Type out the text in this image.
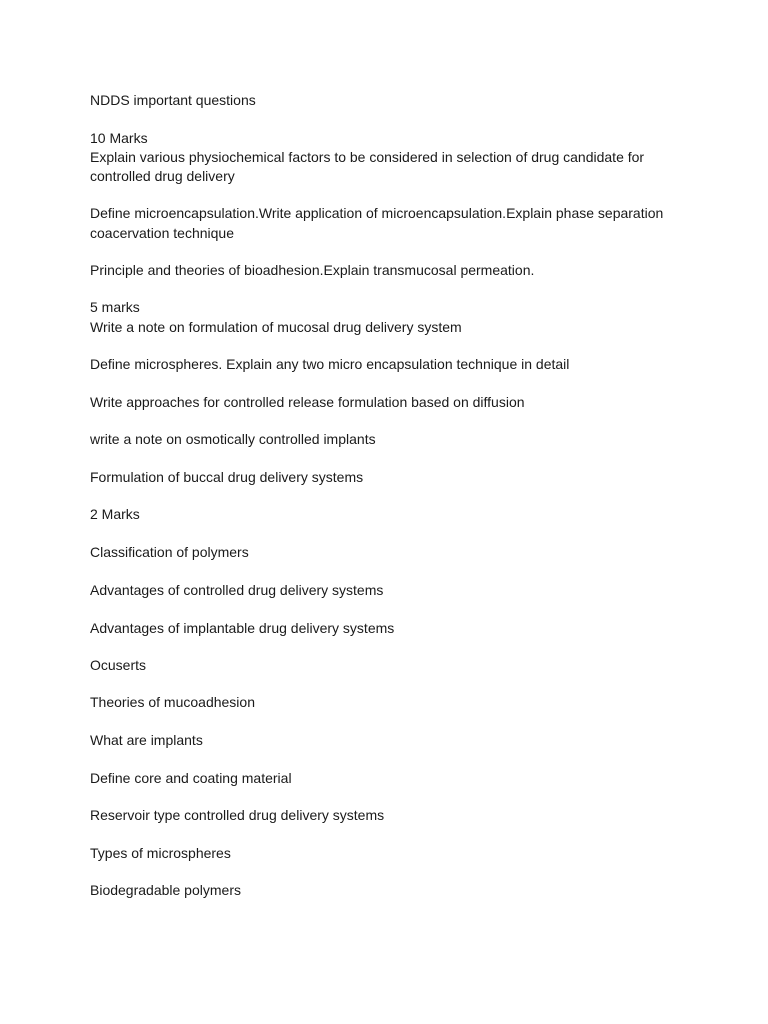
NDDS important questions
10 Marks
Explain various physiochemical factors to be considered in selection of drug candidate for
controlled drug delivery
Define microencapsulation.Write application of microencapsulation.Explain phase separation
coacervation technique
Principle and theories of bioadhesion.Explain transmucosal permeation.
5 marks
Write a note on formulation of mucosal drug delivery system
Define microspheres. Explain any two micro encapsulation technique in detail
Write approaches for controlled release formulation based on diffusion
write a note on osmotically controlled implants
Formulation of buccal drug delivery systems
2 Marks
Classification of polymers
Advantages of controlled drug delivery systems
Advantages of implantable drug delivery systems
Ocuserts
Theories of mucoadhesion
What are implants
Define core and coating material
Reservoir type controlled drug delivery systems
Types of microspheres
Biodegradable polymers
